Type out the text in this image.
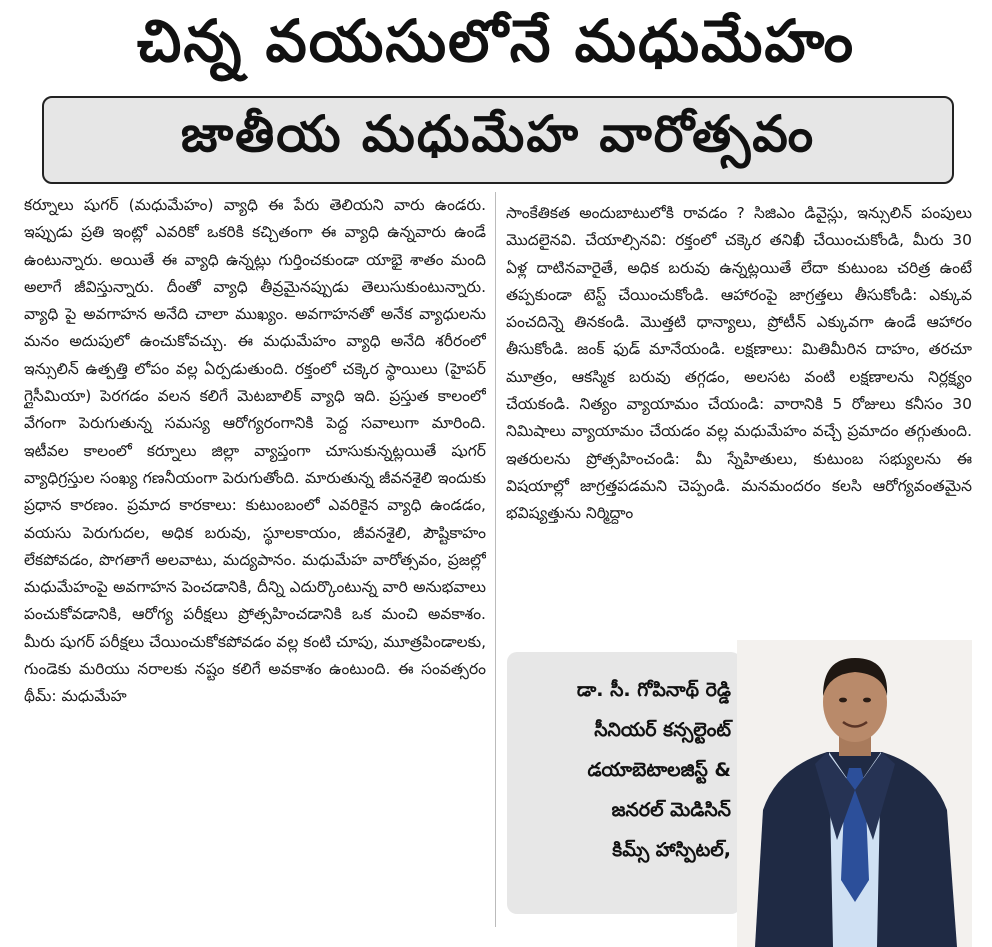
చిన్న వయసులోనే మధుమేహం
జాతీయ మధుమేహ వారోత్సవం
కర్నూలు షుగర్ (మధుమేహం) వ్యాధి ఈ పేరు తెలియని వారు ఉండరు. ఇప్పుడు ప్రతి ఇంట్లో ఎవరికో ఒకరికి కచ్చితంగా ఈ వ్యాధి ఉన్నవారు ఉండే ఉంటున్నారు. అయితే ఈ వ్యాధి ఉన్నట్లు గుర్తించకుండా యాభై శాతం మంది అలాగే జీవిస్తున్నారు. దీంతో వ్యాధి తీవ్రమైనప్పుడు తెలుసుకుంటున్నారు. వ్యాధి పై అవగాహన అనేది చాలా ముఖ్యం. అవగాహనతో అనేక వ్యాధులను మనం అదుపులో ఉంచుకోవచ్చు. ఈ మధుమేహం వ్యాధి అనేది శరీరంలో ఇన్సులిన్ ఉత్పత్తి లోపం వల్ల ఏర్పడుతుంది. రక్తంలో చక్కెర స్థాయిలు (హైపర్ గ్లైసీమియా) పెరగడం వలన కలిగే మెటబాలిక్ వ్యాధి ఇది. ప్రస్తుత కాలంలో వేగంగా పెరుగుతున్న సమస్య ఆరోగ్యరంగానికి పెద్ద సవాలుగా మారింది. ఇటీవల కాలంలో కర్నూలు జిల్లా వ్యాప్తంగా చూసుకున్నట్లయితే షుగర్ వ్యాధిగ్రస్తుల సంఖ్య గణనీయంగా పెరుగుతోంది. మారుతున్న జీవనశైలి ఇందుకు ప్రధాన కారణం. ప్రమాద కారకాలు: కుటుంబంలో ఎవరికైన వ్యాధి ఉండడం, వయసు పెరుగుదల, అధిక బరువు, స్థూలకాయం, జీవనశైలి, పౌష్టికాహం లేకపోవడం, పొగతాగే అలవాటు, మద్యపానం. మధుమేహ వారోత్సవం, ప్రజల్లో మధుమేహంపై అవగాహన పెంచడానికి, దీన్ని ఎదుర్కొంటున్న వారి అనుభవాలు పంచుకోవడానికి, ఆరోగ్య పరీక్షలు ప్రోత్సహించడానికి ఒక మంచి అవకాశం. మీరు షుగర్ పరీక్షలు చేయించుకోకపోవడం వల్ల కంటి చూపు, మూత్రపిండాలకు, గుండెకు మరియు నరాలకు నష్టం కలిగే అవకాశం ఉంటుంది. ఈ సంవత్సరం థీమ్: మధుమేహ
సాంకేతికత అందుబాటులోకి రావడం ? సిజిఎం డివైస్లు, ఇన్సులిన్ పంపులు మొదలైనవి. చేయాల్సినవి: రక్తంలో చక్కెర తనిఖీ చేయించుకోండి, మీరు 30 ఏళ్ల దాటినవారైతే, అధిక బరువు ఉన్నట్లయితే లేదా కుటుంబ చరిత్ర ఉంటే తప్పకుండా టెస్ట్ చేయించుకోండి. ఆహారంపై జాగ్రత్తలు తీసుకోండి: ఎక్కువ పంచదిన్నె తినకండి. మొత్తటి ధాన్యాలు, ప్రోటీన్ ఎక్కువగా ఉండే ఆహారం తీసుకోండి. జంక్ ఫుడ్ మానేయండి. లక్షణాలు: మితిమీరిన దాహం, తరచూ మూత్రం, ఆకస్మిక బరువు తగ్గడం, అలసట వంటి లక్షణాలను నిర్లక్ష్యం చేయకండి. నిత్యం వ్యాయామం చేయండి: వారానికి 5 రోజులు కనీసం 30 నిమిషాలు వ్యాయామం చేయడం వల్ల మధుమేహం వచ్చే ప్రమాదం తగ్గుతుంది. ఇతరులను ప్రోత్సహించండి: మీ స్నేహితులు, కుటుంబ సభ్యులను ఈ విషయాల్లో జాగ్రత్తపడమని చెప్పండి. మనమందరం కలసి ఆరోగ్యవంతమైన భవిష్యత్తును నిర్మిద్దాం
డా. సీ. గోపినాథ్ రెడ్డి
సీనియర్ కన్సల్టెంట్
డయాబెటాలజిస్ట్ &
జనరల్ మెడిసిన్
కిమ్స్ హాస్పిటల్,
